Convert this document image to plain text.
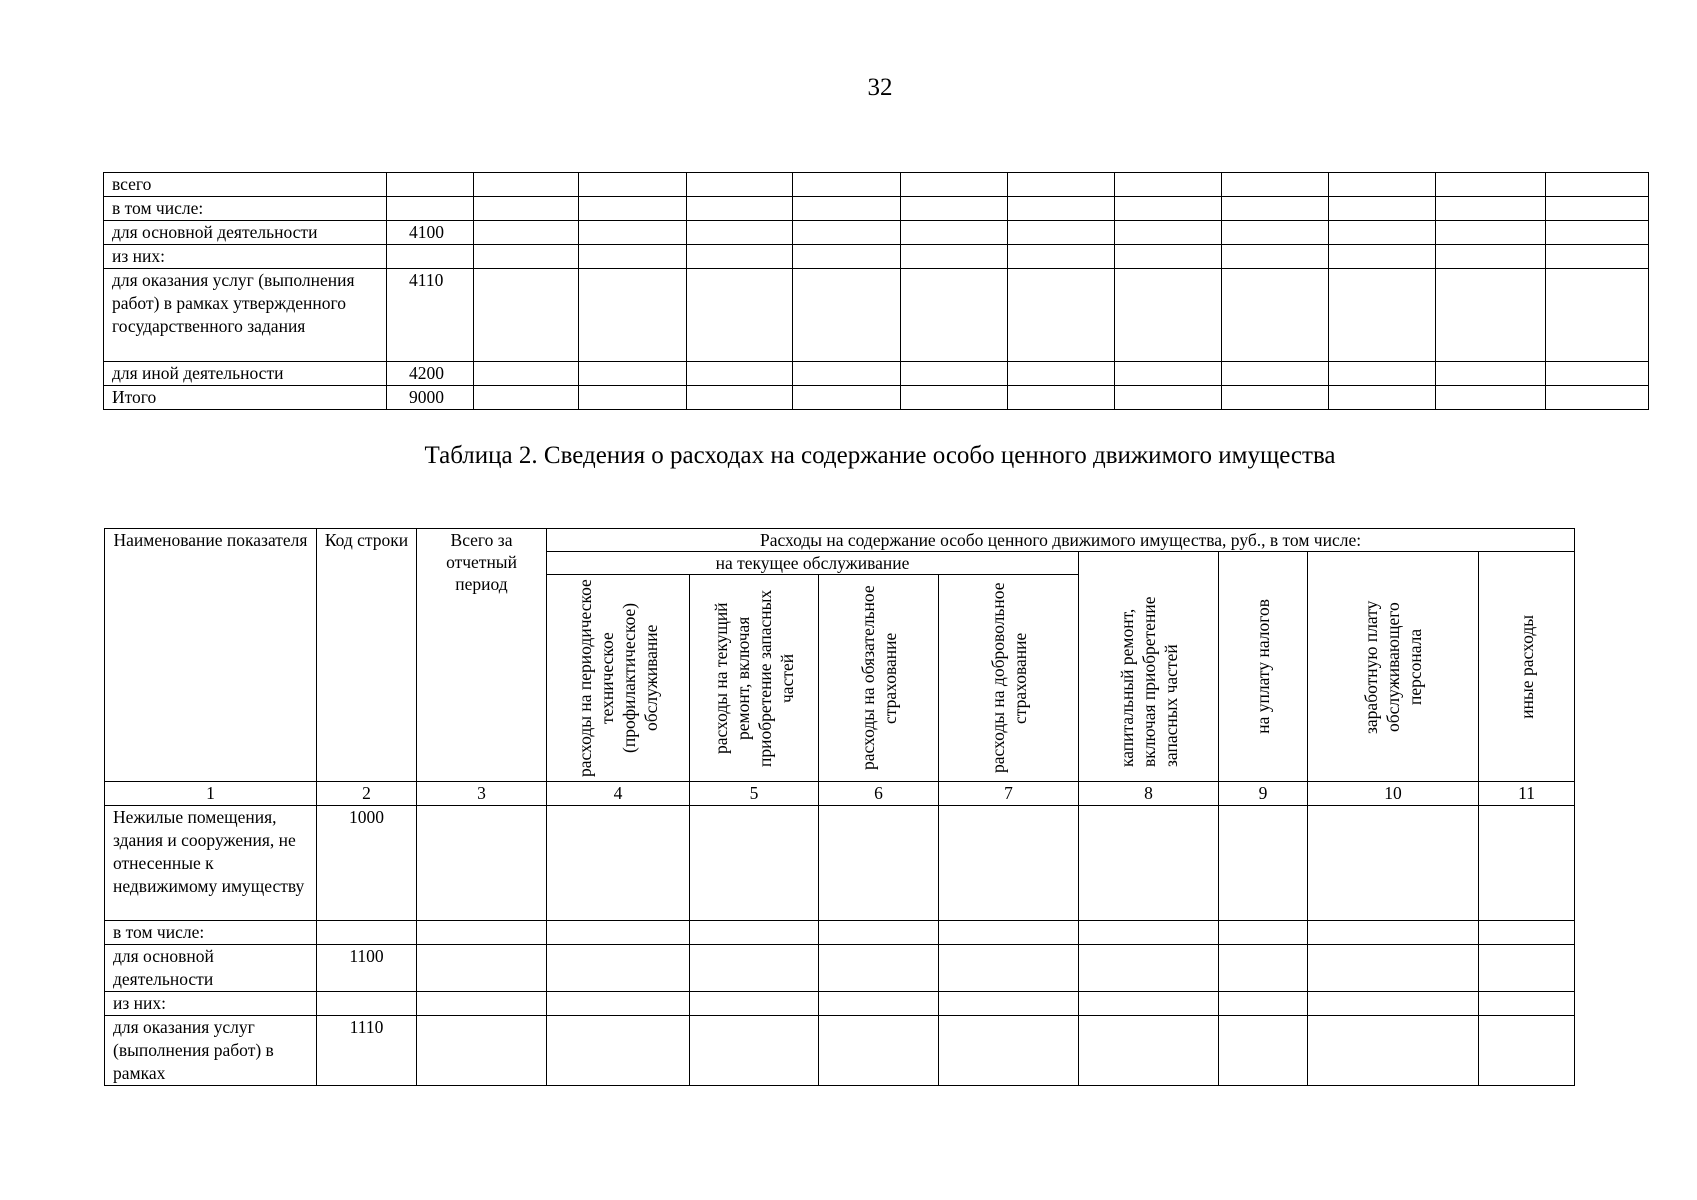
32
всего												
в том числе:												
для основной деятельности	4100											
из них:												
для оказания услуг (выполнения работ) в рамках утвержденного государственного задания	4110											
для иной деятельности	4200											
Итого	9000											
Таблица 2. Сведения о расходах на содержание особо ценного движимого имущества
Наименование показателя	Код строки	Всего за отчетный период	Расходы на содержание особо ценного движимого имущества, руб., в том числе:							
			на текущее обслуживание				капитальный ремонт, включая приобретение запасных частей	на уплату налогов	заработную плату обслуживающего персонала	иные расходы

			расходы на периодическое техническое (профилактическое) обслуживание	расходы на текущий ремонт, включая приобретение запасных частей	расходы на обязательное страхование	расходы на добровольное страхование				

1	2	3	4	5	6	7	8	9	10	11
Нежилые помещения, здания и сооружения, не отнесенные к недвижимому имуществу	1000									
в том числе:										
для основной деятельности	1100									
из них:										
для оказания услуг (выполнения работ) в рамках	1110									
